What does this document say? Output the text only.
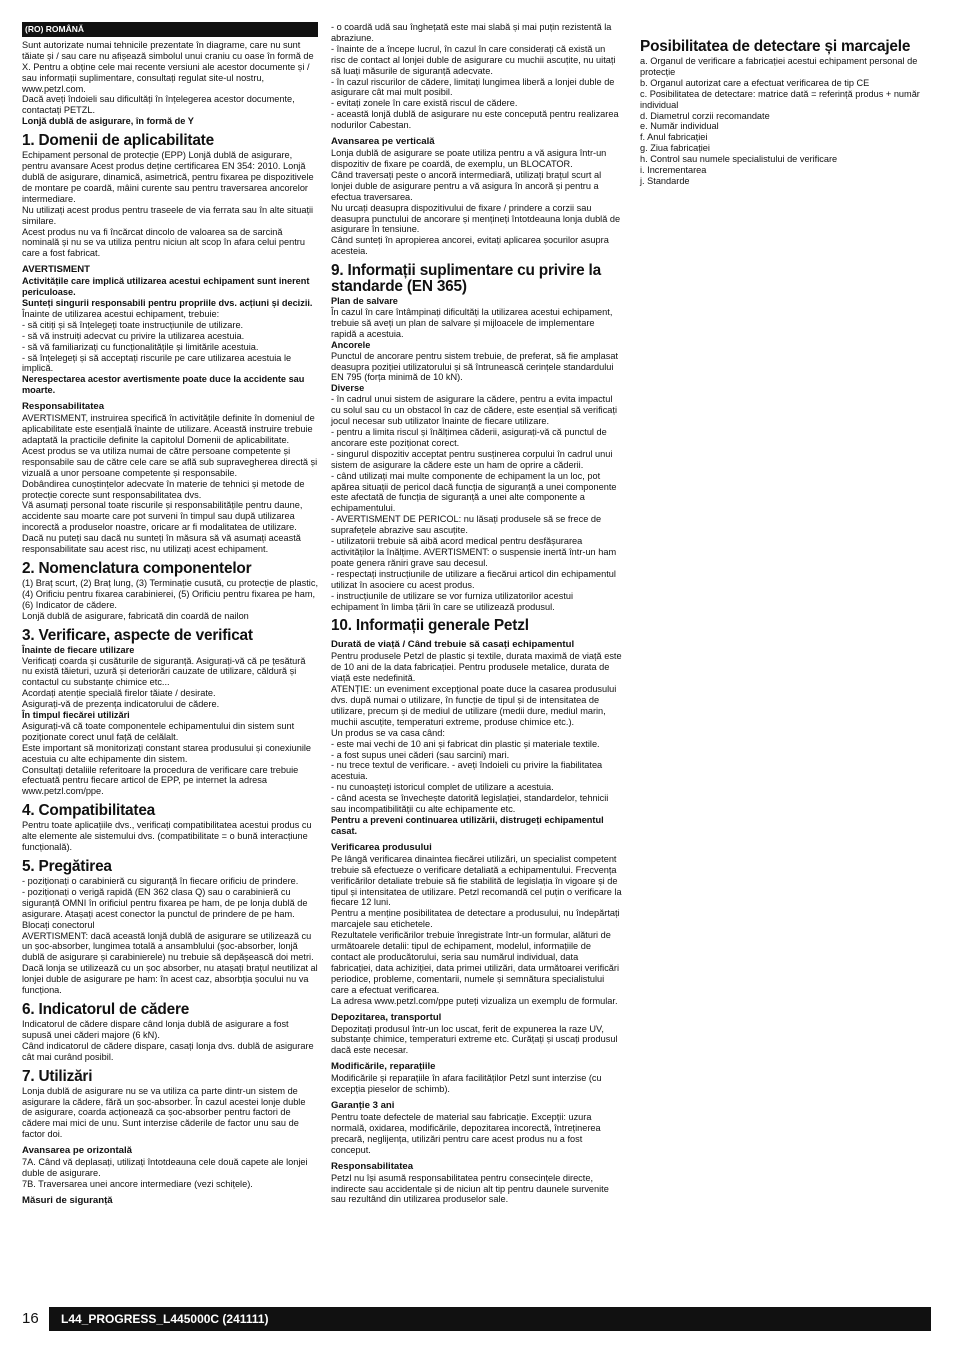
(RO) ROMÂNĂ
Sunt autorizate numai tehnicile prezentate în diagrame, care nu sunt tăiate și / sau care nu afișează simbolul unui craniu cu oase în formă de X. Pentru a obține cele mai recente versiuni ale acestor documente și / sau informații suplimentare, consultați regulat site-ul nostru, www.petzl.com.
Dacă aveți îndoieli sau dificultăți în înțelegerea acestor documente, contactați PETZL.
Lonjă dublă de asigurare, în formă de Y
1. Domenii de aplicabilitate
Echipament personal de protecție (EPP) Lonjă dublă de asigurare, pentru avansare Acest produs deține certificarea EN 354: 2010. Lonjă dublă de asigurare, dinamică, asimetrică, pentru fixarea pe dispozitivele de montare pe coardă, mâini curente sau pentru traversarea ancorelor intermediare.
Nu utilizați acest produs pentru traseele de via ferrata sau în alte situații similare.
Acest produs nu va fi încărcat dincolo de valoarea sa de sarcină nominală și nu se va utiliza pentru niciun alt scop în afara celui pentru care a fost fabricat.
AVERTISMENT
Activitățile care implică utilizarea acestui echipament sunt inerent periculoase.
Sunteți singurii responsabili pentru propriile dvs. acțiuni și decizii.
Înainte de utilizarea acestui echipament, trebuie:
- să citiți și să înțelegeți toate instrucțiunile de utilizare.
- să vă instruiți adecvat cu privire la utilizarea acestuia.
- să vă familiarizați cu funcționalitățile și limitările acestuia.
- să înțelegeți și să acceptați riscurile pe care utilizarea acestuia le implică.
Nerespectarea acestor avertismente poate duce la accidente sau moarte.
Responsabilitatea
AVERTISMENT, instruirea specifică în activitățile definite în domeniul de aplicabilitate este esențială înainte de utilizare. Această instruire trebuie adaptată la practicile definite la capitolul Domenii de aplicabilitate.
Acest produs se va utiliza numai de către persoane competente și responsabile sau de către cele care se află sub supravegherea directă și vizuală a unor persoane competente și responsabile.
Dobândirea cunoștințelor adecvate în materie de tehnici și metode de protecție corecte sunt responsabilitatea dvs.
Vă asumați personal toate riscurile și responsabilitățile pentru daune, accidente sau moarte care pot surveni în timpul sau după utilizarea incorectă a produselor noastre, oricare ar fi modalitatea de utilizare. Dacă nu puteți sau dacă nu sunteți în măsura să vă asumați această responsabilitate sau acest risc, nu utilizați acest echipament.
2. Nomenclatura componentelor
(1) Braț scurt, (2) Braț lung, (3) Terminație cusută, cu protecție de plastic, (4) Orificiu pentru fixarea carabinierei, (5) Orificiu pentru fixarea pe ham, (6) Indicator de cădere.
Lonjă dublă de asigurare, fabricată din coardă de nailon
3. Verificare, aspecte de verificat
Înainte de fiecare utilizare
Verificați coarda și cusăturile de siguranță. Asigurați-vă că pe țesătură nu există tăieturi, uzură și deteriorări cauzate de utilizare, căldură și contactul cu substanțe chimice etc...
Acordați atenție specială firelor tăiate / desirate.
Asigurați-vă de prezența indicatorului de cădere.
În timpul fiecărei utilizări
Asigurați-vă că toate componentele echipamentului din sistem sunt poziționate corect unul față de celălalt.
Este important să monitorizați constant starea produsului și conexiunile acestuia cu alte echipamente din sistem.
Consultați detaliile referitoare la procedura de verificare care trebuie efectuată pentru fiecare articol de EPP, pe internet la adresa www.petzl.com/ppe.
4. Compatibilitatea
Pentru toate aplicațiile dvs., verificați compatibilitatea acestui produs cu alte elemente ale sistemului dvs. (compatibilitate = o bună interacțiune funcțională).
5. Pregătirea
- poziționați o carabinieră cu siguranță în fiecare orificiu de prindere.
- poziționați o verigă rapidă (EN 362 clasa Q) sau o carabinieră cu siguranță OMNI în orificiul pentru fixarea pe ham, de pe lonja dublă de asigurare. Atașați acest conector la punctul de prindere de pe ham. Blocați conectorul
AVERTISMENT: dacă această lonjă dublă de asigurare se utilizează cu un șoc-absorber, lungimea totală a ansamblului (șoc-absorber, lonjă dublă de asigurare și carabinierele) nu trebuie să depășească doi metri. Dacă lonja se utilizează cu un șoc absorber, nu atașați brațul neutilizat al lonjei duble de asigurare pe ham: în acest caz, absorbția șocului nu va funcționa.
6. Indicatorul de cădere
Indicatorul de cădere dispare când lonja dublă de asigurare a fost supusă unei căderi majore (6 kN).
Când indicatorul de cădere dispare, casați lonja dvs. dublă de asigurare cât mai curând posibil.
7. Utilizări
Lonja dublă de asigurare nu se va utiliza ca parte dintr-un sistem de asigurare la cădere, fără un șoc-absorber. În cazul acestei lonje duble de asigurare, coarda acționează ca șoc-absorber pentru factori de cădere mai mici de unu. Sunt interzise căderile de factor unu sau de factor doi.
Avansarea pe orizontală
7A. Când vă deplasați, utilizați întotdeauna cele două capete ale lonjei duble de asigurare.
7B. Traversarea unei ancore intermediare (vezi schițele).
Măsuri de siguranță
- o coardă udă sau înghețată este mai slabă și mai puțin rezistentă la abraziune.
- înainte de a începe lucrul, în cazul în care considerați că există un risc de contact al lonjei duble de asigurare cu muchii ascuțite, nu uitați să luați măsurile de siguranță adecvate.
- în cazul riscurilor de cădere, limitați lungimea liberă a lonjei duble de asigurare cât mai mult posibil.
- evitați zonele în care există riscul de cădere.
- această lonjă dublă de asigurare nu este concepută pentru realizarea nodurilor Cabestan.
Avansarea pe verticală
Lonja dublă de asigurare se poate utiliza pentru a vă asigura într-un dispozitiv de fixare pe coardă, de exemplu, un BLOCATOR.
Când traversați peste o ancoră intermediară, utilizați brațul scurt al lonjei duble de asigurare pentru a vă asigura în ancoră și pentru a efectua traversarea.
Nu urcați deasupra dispozitivului de fixare / prindere a corzii sau deasupra punctului de ancorare și mențineți întotdeauna lonja dublă de asigurare în tensiune.
Când sunteți în apropierea ancorei, evitați aplicarea șocurilor asupra acesteia.
9. Informații suplimentare cu privire la standarde (EN 365)
Plan de salvare
În cazul în care întâmpinați dificultăți la utilizarea acestui echipament, trebuie să aveți un plan de salvare și mijloacele de implementare rapidă a acestuia.
Ancorele
Punctul de ancorare pentru sistem trebuie, de preferat, să fie amplasat deasupra poziției utilizatorului și să întrunească cerințele standardului EN 795 (forța minimă de 10 kN).
Diverse
- în cadrul unui sistem de asigurare la cădere, pentru a evita impactul cu solul sau cu un obstacol în caz de cădere, este esențial să verificați jocul necesar sub utilizator înainte de fiecare utilizare.
- pentru a limita riscul și înălțimea căderii, asigurați-vă că punctul de ancorare este poziționat corect.
- singurul dispozitiv acceptat pentru susținerea corpului în cadrul unui sistem de asigurare la cădere este un ham de oprire a căderii.
- când utilizați mai multe componente de echipament la un loc, pot apărea situații de pericol dacă funcția de siguranță a unei componente este afectată de funcția de siguranță a unei alte componente a echipamentului.
- AVERTISMENT DE PERICOL: nu lăsați produsele să se frece de suprafețele abrazive sau ascuțite.
- utilizatorii trebuie să aibă acord medical pentru desfășurarea activităților la înălțime. AVERTISMENT: o suspensie inertă într-un ham poate genera răniri grave sau decesul.
- respectați instrucțiunile de utilizare a fiecărui articol din echipamentul utilizat în asociere cu acest produs.
- instrucțiunile de utilizare se vor furniza utilizatorilor acestui echipament în limba țării în care se utilizează produsul.
10. Informații generale Petzl
Durată de viață / Când trebuie să casați echipamentul
Pentru produsele Petzl de plastic și textile, durata maximă de viață este de 10 ani de la data fabricației. Pentru produsele metalice, durata de viață este nedefinită.
ATENȚIE: un eveniment excepțional poate duce la casarea produsului dvs. după numai o utilizare, în funcție de tipul și de intensitatea de utilizare, precum și de mediul de utilizare (medii dure, mediul marin, muchii ascuțite, temperaturi extreme, produse chimice etc.).
Un produs se va casa când:
- este mai vechi de 10 ani și fabricat din plastic și materiale textile.
- a fost supus unei căderi (sau sarcini) mari.
- nu trece textul de verificare. - aveți îndoieli cu privire la fiabilitatea acestuia.
- nu cunoașteți istoricul complet de utilizare a acestuia.
- când acesta se învechește datorită legislației, standardelor, tehnicii sau incompatibilității cu alte echipamente etc.
Pentru a preveni continuarea utilizării, distrugeți echipamentul casat.
Verificarea produsului
Pe lângă verificarea dinaintea fiecărei utilizări, un specialist competent trebuie să efectueze o verificare detaliată a echipamentului. Frecvența verificărilor detaliate trebuie să fie stabilită de legislația în vigoare și de tipul și intensitatea de utilizare. Petzl recomandă cel puțin o verificare la fiecare 12 luni.
Pentru a menține posibilitatea de detectare a produsului, nu îndepărtați marcajele sau etichetele.
Rezultatele verificărilor trebuie înregistrate într-un formular, alături de următoarele detalii: tipul de echipament, modelul, informațiile de contact ale producătorului, seria sau numărul individual, data fabricației, data achiziției, data primei utilizări, data următoarei verificări periodice, probleme, comentarii, numele și semnătura specialistului care a efectuat verificarea.
La adresa www.petzl.com/ppe puteți vizualiza un exemplu de formular.
Depozitarea, transportul
Depozitați produsul într-un loc uscat, ferit de expunerea la raze UV, substanțe chimice, temperaturi extreme etc. Curățați și uscați produsul dacă este necesar.
Modificările, reparațiile
Modificările și reparațiile în afara facilităților Petzl sunt interzise (cu excepția pieselor de schimb).
Garanție 3 ani
Pentru toate defectele de material sau fabricație. Excepții: uzura normală, oxidarea, modificările, depozitarea incorectă, întreținerea precară, neglijența, utilizări pentru care acest produs nu a fost conceput.
Responsabilitatea
Petzl nu își asumă responsabilitatea pentru consecințele directe, indirecte sau accidentale și de niciun alt tip pentru daunele survenite sau rezultând din utilizarea produselor sale.
Posibilitatea de detectare și marcajele
a. Organul de verificare a fabricației acestui echipament personal de protecție
b. Organul autorizat care a efectuat verificarea de tip CE
c. Posibilitatea de detectare: matrice dată = referință produs + număr individual
d. Diametrul corzii recomandate
e. Număr individual
f. Anul fabricației
g. Ziua fabricației
h. Control sau numele specialistului de verificare
i. Incrementarea
j. Standarde
16	L44_PROGRESS_L445000C (241111)
